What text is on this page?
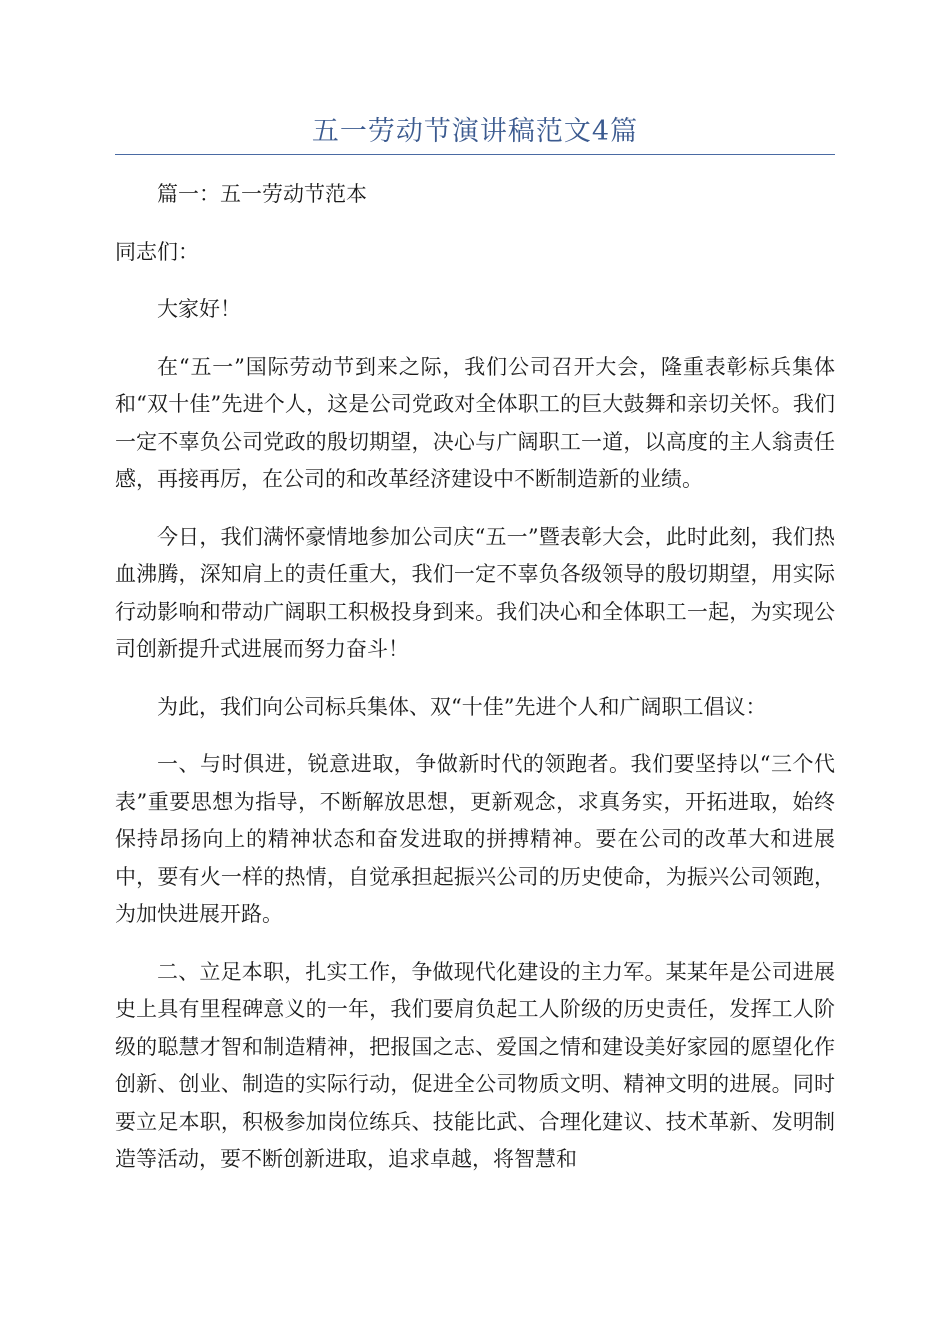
五一劳动节演讲稿范文4篇

篇一：五一劳动节范本

同志们：

大家好！

在“五一”国际劳动节到来之际，我们公司召开大会，隆重表彰标兵集体和“双十佳”先进个人，这是公司党政对全体职工的巨大鼓舞和亲切关怀。我们一定不辜负公司党政的殷切期望，决心与广阔职工一道，以高度的主人翁责任感，再接再厉，在公司的和改革经济建设中不断制造新的业绩。

今日，我们满怀豪情地参加公司庆“五一”暨表彰大会，此时此刻，我们热血沸腾，深知肩上的责任重大，我们一定不辜负各级领导的殷切期望，用实际行动影响和带动广阔职工积极投身到来。我们决心和全体职工一起，为实现公司创新提升式进展而努力奋斗！

为此，我们向公司标兵集体、双“十佳”先进个人和广阔职工倡议：

一、与时俱进，锐意进取，争做新时代的领跑者。我们要坚持以“三个代表”重要思想为指导，不断解放思想，更新观念，求真务实，开拓进取，始终保持昂扬向上的精神状态和奋发进取的拼搏精神。要在公司的改革大和进展中，要有火一样的热情，自觉承担起振兴公司的历史使命，为振兴公司领跑，为加快进展开路。

二、立足本职，扎实工作，争做现代化建设的主力军。某某年是公司进展史上具有里程碑意义的一年，我们要肩负起工人阶级的历史责任，发挥工人阶级的聪慧才智和制造精神，把报国之志、爱国之情和建设美好家园的愿望化作创新、创业、制造的实际行动，促进全公司物质文明、精神文明的进展。同时要立足本职，积极参加岗位练兵、技能比武、合理化建议、技术革新、发明制造等活动，要不断创新进取，追求卓越，将智慧和
